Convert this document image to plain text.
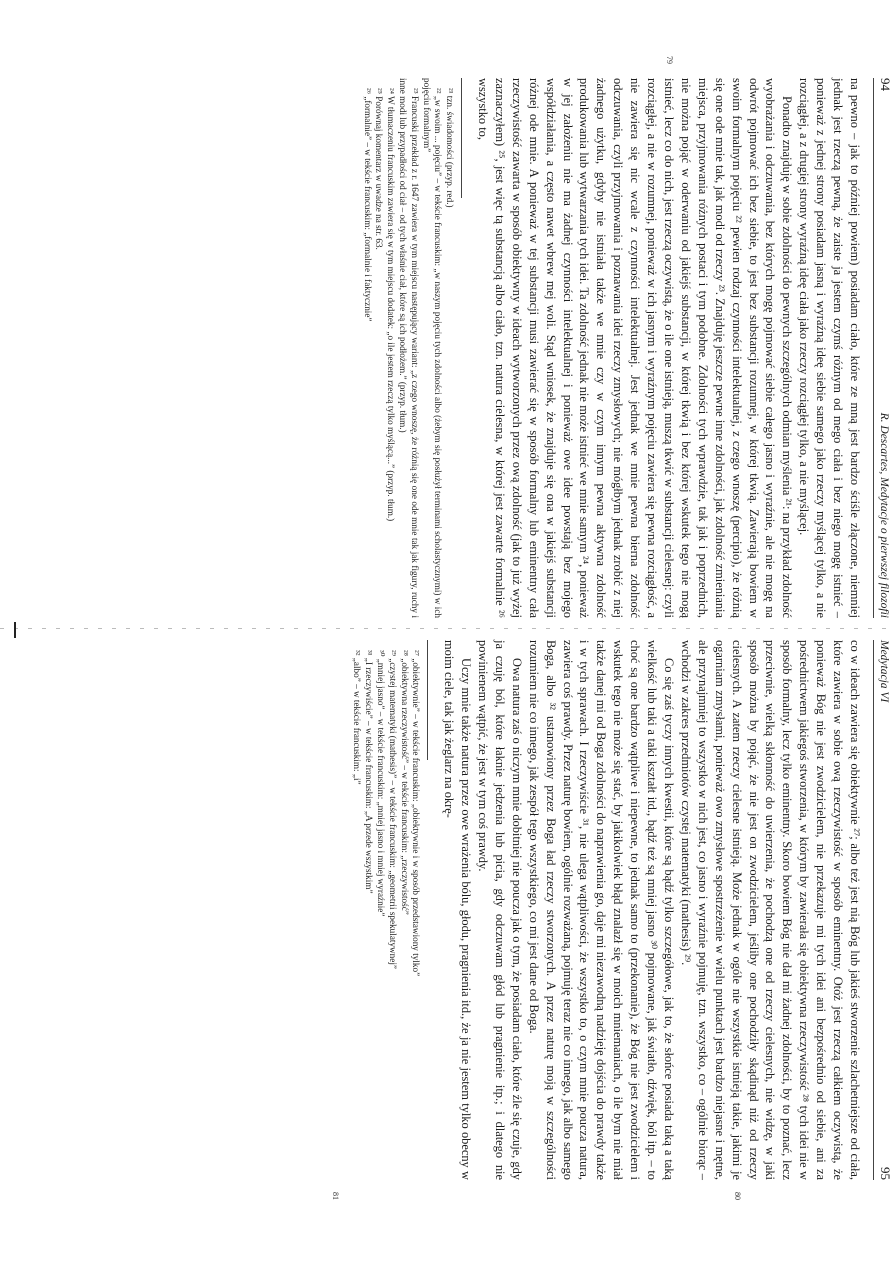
94
R. Descartes, Medytacje o pierwszej filozofii
79

na pewno – jak to później powiem) posiadam ciało, które ze mną jest bardzo ściśle złączone, niemniej jednak jest rzeczą pewną, że zaiste ja jestem czymś różnym od mego ciała i bez niego mogę istnieć – ponieważ z jednej strony posiadam jasną i wyraźną ideę siebie samego jako rzeczy myślącej tylko, a nie rozciągłej, a z drugiej strony wyraźną ideę ciała jako rzeczy rozciągłej tylko, a nie myślącej.

Ponadto znajduję w sobie zdolności do pewnych szczególnych odmian myślenia ²¹: na przykład zdolność wyobrażania i odczuwania, bez których mogę pojmować siebie całego jasno i wyraźnie, ale nie mogę na odwrót pojmować ich bez siebie, to jest bez substancji rozumnej, w której tkwią. Zawierają bowiem w swoim formalnym pojęciu ²² pewien rodzaj czynności intelektualnej, z czego wnoszę (percipio), że różnią się one ode mnie tak, jak modi od rzeczy ²³. Znajduję jeszcze pewne inne zdolności, jak zdolność zmieniania miejsca, przyjmowania różnych postaci i tym podobne. Zdolności tych wprawdzie, tak jak i poprzednich, nie można pojąć w oderwaniu od jakiejś substancji, w której tkwią i bez której wskutek tego nie mogą istnieć, lecz co do nich, jest rzeczą oczywistą, że o ile one istnieją, muszą tkwić w substancji cielesnej: czyli rozciągłej, a nie w rozumnej, ponieważ w ich jasnym i wyraźnym pojęciu zawiera się pewna rozciągłość, a nie zawiera się nic wcale z czynności intelektualnej. Jest jednak we mnie pewna bierna zdolność odczuwania, czyli przyjmowania i poznawania idei rzeczy zmysłowych; nie mógłbym jednak zrobić z niej żadnego użytku, gdyby nie istniała także we mnie czy w czym innym pewna aktywna zdolność produkowania lub wytwarzania tych idei. Ta zdolność jednak nie może istnieć we mnie samym ²⁴, ponieważ w jej założeniu nie ma żadnej czynności intelektualnej i ponieważ owe idee powstają bez mojego współdziałania, a często nawet wbrew mej woli. Stąd wniosek, że znajduje się ona w jakiejś substancji różnej ode mnie. A ponieważ w tej substancji musi zawierać się w sposób formalny lub eminentny cała rzeczywistość zawarta w sposób obiektywny w ideach wytworzonych przez ową zdolność (jak to już wyżej zaznaczyłem) ²⁵, jest więc tą substancją albo ciało, tzn. natura cielesna, w której jest zawarte formalnie ²⁶ wszystko to,

²¹ tzn. świadomości (przyp. red.)

²² „w swoim ... pojęciu” – w tekście francuskim: „w naszym pojęciu tych zdolności albo (żebym się posłużył terminami scholastycznymi) w ich pojęciu formalnym”

²³ Francuski przekład z r. 1647 zawiera w tym miejscu następujący wariant: „z czego wnoszę, że różnią się one ode mnie tak jak figury, ruchy i inne modi lub przypadłości od ciał – od tych właśnie ciał, które są ich podłożem.” (przyp. tłum.)

²⁴ W tłumaczeniu francuskim zawiera się w tym miejscu dodatek: „o ile jestem rzeczą tylko myślącą...” (przyp. tłum.)

²⁵ Porównaj komentarz w uwadze na str. 63.

²⁶ „formalnie” – w tekście francuskim: „formalnie i faktycznie”

Medytacja VI
95
80
81

co w ideach zawiera się obiektywnie ²⁷; albo też jest nią Bóg lub jakieś stworzenie szlachetniejsze od ciała, które zawiera w sobie ową rzeczywistość w sposób eminentny. Otóż jest rzeczą całkiem oczywistą, że ponieważ Bóg nie jest zwodzicielem, nie przekazuje mi tych idei ani bezpośrednio od siebie, ani za pośrednictwem jakiegoś stworzenia, w którym by zawierała się obiektywna rzeczywistość ²⁸ tych idei nie w sposób formalny, lecz tylko eminentny. Skoro bowiem Bóg nie dał mi żadnej zdolności, by to poznać, lecz przeciwnie, wielką skłonność do uwierzenia, że pochodzą one od rzeczy cielesnych, nie widzę, w jaki sposób można by pojąć, że nie jest on zwodzicielem, jeśliby one pochodziły skądinąd niż od rzeczy cielesnych. A zatem rzeczy cielesne istnieją. Może jednak w ogóle nie wszystkie istnieją takie, jakimi je ogarniam zmysłami, ponieważ owo zmysłowe spostrzeżenie w wielu punktach jest bardzo niejasne i mętne, ale przynajmniej to wszystko w nich jest, co jasno i wyraźnie pojmuję, tzn. wszystko, co – ogólnie biorąc – wchodzi w zakres przedmiotów czystej matematyki (mathesis) ²⁹.

Co się zaś tyczy innych kwestii, które są bądź tylko szczegółowe, jak to, że słońce posiada taką a taką wielkość lub taki a taki kształt itd., bądź też są mniej jasno ³⁰ pojmowane, jak światło, dźwięk, ból itp. – to choć są one bardzo wątpliwe i niepewne, to jednak samo to (przekonanie), że Bóg nie jest zwodzicielem i wskutek tego nie może się stać, by jakikolwiek błąd znalazł się w moich mniemaniach, o ile bym nie miał także danej mi od Boga zdolności do naprawienia go, daje mi niezawodną nadzieję dojścia do prawdy także i w tych sprawach. I rzeczywiście ³¹, nie ulega wątpliwości, że wszystko to, o czym mnie poucza natura, zawiera coś prawdy. Przez naturę bowiem, ogólnie rozważaną, pojmuję teraz nie co innego, jak albo samego Boga, albo ³² ustanowiony przez Boga ład rzeczy stworzonych. A przez naturę moją w szczególności rozumiem nie co innego, jak zespół tego wszystkiego, co mi jest dane od Boga.

Owa natura zaś o niczym mnie dobitniej nie poucza jak o tym, że posiadam ciało, które źle się czuje, gdy ja czuję ból, które łaknie jedzenia lub picia, gdy odczuwam głód lub pragnienie itp.; i dlatego nie powinienem wątpić, że jest w tym coś prawdy.

Uczy mnie także natura przez owe wrażenia bólu, głodu, pragnienia itd., że ja nie jestem tylko obecny w moim ciele, tak jak żeglarz na okrę-

²⁷ „obiektywnie” – w tekście francuskim: „obiektywnie i w sposób przedstawiony tylko”

²⁸ „obiektywna rzeczywistość” – w tekście francuskim: „rzeczywistość”

²⁹ „czystej matematyki (mathesis)” – w tekście francuskim: „geometrii spekulatywnej”

³⁰ „mniej jasno” – w tekście francuskim: „mniej jasno i mniej wyraźnie”

³¹ „I rzeczywiście” – w tekście francuskim: „A przede wszystkim”

³² „albo” – w tekście francuskim: „i”
